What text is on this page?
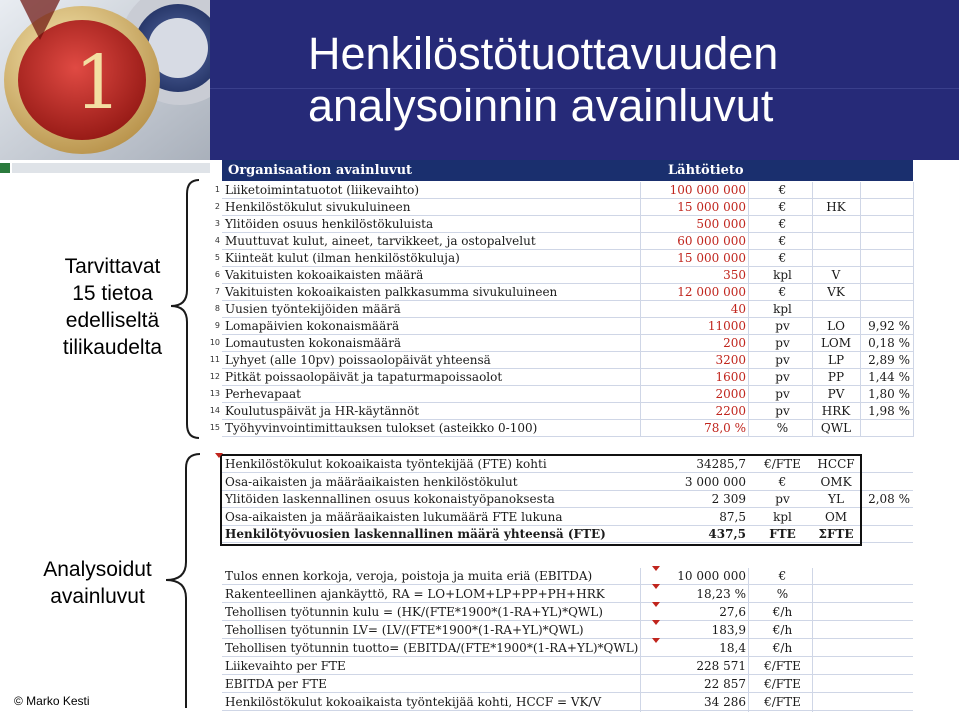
1	Henkilöstötuottavuuden
analysoinnin avainluvut
Tarvittavat
15 tietoa
edelliseltä
tilikaudelta
Analysoidut
avainluvut
Organisaation avainluvut	Lähtötieto
1 Liiketoimintatuotot (liikevaihto)	100 000 000	€
2 Henkilöstökulut sivukuluineen	15 000 000	€	HK
3 Ylitöiden osuus henkilöstökuluista	500 000	€
4 Muuttuvat kulut, aineet, tarvikkeet, ja ostopalvelut	60 000 000	€
5 Kiinteät kulut (ilman henkilöstökuluja)	15 000 000	€
6 Vakituisten kokoaikaisten määrä	350	kpl	V
7 Vakituisten kokoaikaisten palkkasumma sivukuluineen	12 000 000	€	VK
8 Uusien työntekijöiden määrä	40	kpl
9 Lomapäivien kokonaismäärä	11000	pv	LO	9,92 %
10 Lomautusten kokonaismäärä	200	pv	LOM	0,18 %
11 Lyhyet (alle 10pv) poissaolopäivät yhteensä	3200	pv	LP	2,89 %
12 Pitkät poissaolopäivät ja tapaturmapoissaolot	1600	pv	PP	1,44 %
13 Perhevapaat	2000	pv	PV	1,80 %
14 Koulutuspäivät ja HR-käytännöt	2200	pv	HRK	1,98 %
15 Työhyvinvointimittauksen tulokset (asteikko 0-100)	78,0 %	%	QWL
Henkilöstökulut kokoaikaista työntekijää (FTE) kohti	34285,7	€/FTE	HCCF
Osa-aikaisten ja määräaikaisten henkilöstökulut	3 000 000	€	OMK
Ylitöiden laskennallinen osuus kokonaistyöpanoksesta	2 309	pv	YL	2,08 %
Osa-aikaisten ja määräaikaisten lukumäärä FTE lukuna	87,5	kpl	OM
Henkilötyövuosien laskennallinen määrä yhteensä (FTE)	437,5	FTE	ΣFTE
Tulos ennen korkoja, veroja, poistoja ja muita eriä (EBITDA)	10 000 000	€
Rakenteellinen ajankäyttö, RA = LO+LOM+LP+PP+PH+HRK	18,23 %	%
Tehollisen työtunnin kulu = (HK/(FTE*1900*(1-RA+YL)*QWL)	27,6	€/h
Tehollisen työtunnin LV= (LV/(FTE*1900*(1-RA+YL)*QWL)	183,9	€/h
Tehollisen työtunnin tuotto= (EBITDA/(FTE*1900*(1-RA+YL)*QWL)	18,4	€/h
Liikevaihto per FTE	228 571	€/FTE
EBITDA per FTE	22 857	€/FTE
Henkilöstökulut kokoaikaista työntekijää kohti, HCCF = VK/V	34 286	€/FTE
© Marko Kesti
